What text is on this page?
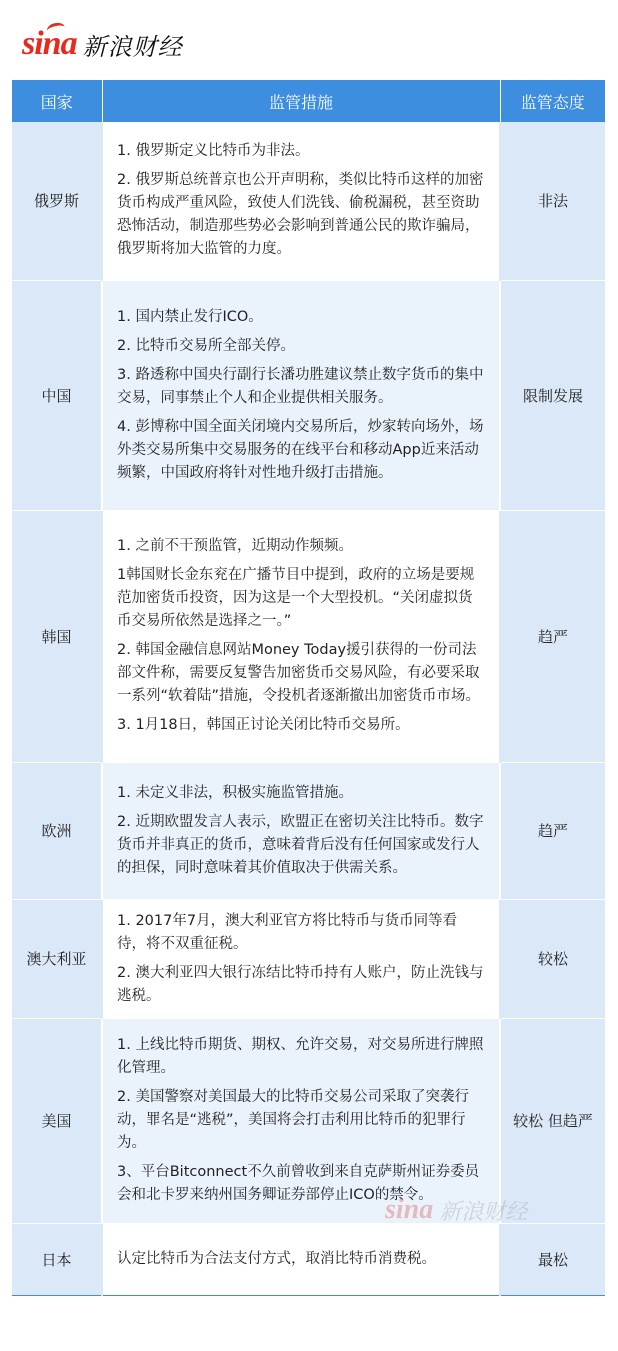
sina 新浪财经
国家	监管措施	监管态度
俄罗斯	1. 俄罗斯定义比特币为非法。

2. 俄罗斯总统普京也公开声明称，类似比特币这样的加密货币构成严重风险，致使人们洗钱、偷税漏税，甚至资助恐怖活动，制造那些势必会影响到普通公民的欺诈骗局，俄罗斯将加大监管的力度。	非法
中国	1. 国内禁止发行ICO。

2. 比特币交易所全部关停。

3. 路透称中国央行副行长潘功胜建议禁止数字货币的集中交易，同事禁止个人和企业提供相关服务。

4. 彭博称中国全面关闭境内交易所后，炒家转向场外，场外类交易所集中交易服务的在线平台和移动App近来活动频繁，中国政府将针对性地升级打击措施。	限制发展
韩国	1. 之前不干预监管，近期动作频频。

1韩国财长金东兖在广播节目中提到，政府的立场是要规范加密货币投资，因为这是一个大型投机。“关闭虚拟货币交易所依然是选择之一。”

2. 韩国金融信息网站Money Today援引获得的一份司法部文件称，需要反复警告加密货币交易风险，有必要采取一系列“软着陆”措施，令投机者逐渐撤出加密货币市场。

3. 1月18日，韩国正讨论关闭比特币交易所。	趋严
欧洲	1. 未定义非法，积极实施监管措施。

2. 近期欧盟发言人表示，欧盟正在密切关注比特币。数字货币并非真正的货币，意味着背后没有任何国家或发行人的担保，同时意味着其价值取决于供需关系。	趋严
澳大利亚	1. 2017年7月，澳大利亚官方将比特币与货币同等看待，将不双重征税。

2. 澳大利亚四大银行冻结比特币持有人账户，防止洗钱与逃税。	较松
美国	1. 上线比特币期货、期权、允许交易，对交易所进行牌照化管理。

2. 美国警察对美国最大的比特币交易公司采取了突袭行动，罪名是“逃税”，美国将会打击利用比特币的犯罪行为。

3、平台Bitconnect不久前曾收到来自克萨斯州证券委员会和北卡罗来纳州国务卿证券部停止ICO的禁令。	较松 但趋严
日本	认定比特币为合法支付方式，取消比特币消费税。	最松
sina 新浪财经
